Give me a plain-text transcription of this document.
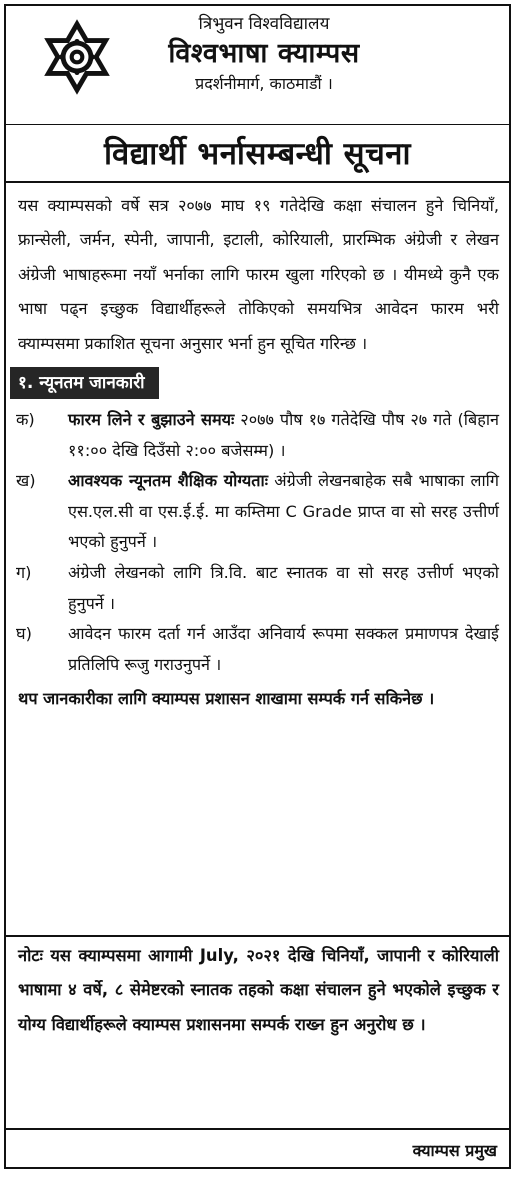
त्रिभुवन विश्वविद्यालय
विश्वभाषा क्याम्पस
प्रदर्शनीमार्ग, काठमाडौं ।
विद्यार्थी भर्नासम्बन्धी सूचना
यस क्याम्पसको वर्षे सत्र २०७७ माघ १९ गतेदेखि कक्षा संचालन हुने चिनियाँ, फ्रान्सेली, जर्मन, स्पेनी, जापानी, इटाली, कोरियाली, प्रारम्भिक अंग्रेजी र लेखन अंग्रेजी भाषाहरूमा नयाँ भर्नाका लागि फारम खुला गरिएको छ । यीमध्ये कुनै एक भाषा पढ्न इच्छुक विद्यार्थीहरूले तोकिएको समयभित्र आवेदन फारम भरी क्याम्पसमा प्रकाशित सूचना अनुसार भर्ना हुन सूचित गरिन्छ ।
१. न्यूनतम जानकारी
क)	फारम लिने र बुझाउने समयः २०७७ पौष १७ गतेदेखि पौष २७ गते (बिहान ११:०० देखि दिउँसो २:०० बजेसम्म) ।
ख)	आवश्यक न्यूनतम शैक्षिक योग्यताः अंग्रेजी लेखनबाहेक सबै भाषाका लागि एस.एल.सी वा एस.ई.ई. मा कम्तिमा C Grade प्राप्त वा सो सरह उत्तीर्ण भएको हुनुपर्ने ।
ग)	अंग्रेजी लेखनको लागि त्रि.वि. बाट स्नातक वा सो सरह उत्तीर्ण भएको हुनुपर्ने ।
घ)	आवेदन फारम दर्ता गर्न आउँदा अनिवार्य रूपमा सक्कल प्रमाणपत्र देखाई प्रतिलिपि रूजु गराउनुपर्ने ।
थप जानकारीका लागि क्याम्पस प्रशासन शाखामा सम्पर्क गर्न सकिनेछ ।
नोटः यस क्याम्पसमा आगामी July, २०२१ देखि चिनियाँ, जापानी र कोरियाली भाषामा ४ वर्षे, ८ सेमेष्टरको स्नातक तहको कक्षा संचालन हुने भएकोले इच्छुक र योग्य विद्यार्थीहरूले क्याम्पस प्रशासनमा सम्पर्क राख्न हुन अनुरोध छ ।
क्याम्पस प्रमुख
